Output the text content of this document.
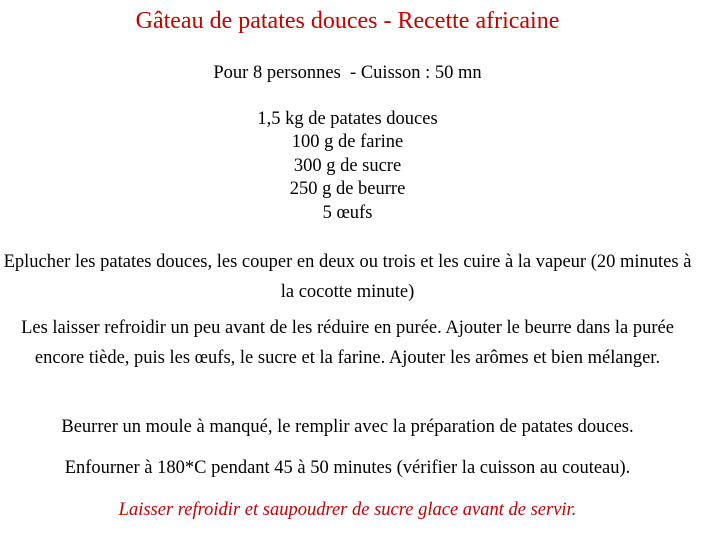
Gâteau de patates douces - Recette africaine
Pour 8 personnes  - Cuisson : 50 mn
1,5 kg de patates douces
100 g de farine
300 g de sucre
250 g de beurre
5 œufs

Eplucher les patates douces, les couper en deux ou trois et les cuire à la vapeur (20 minutes à la cocotte minute)

Les laisser refroidir un peu avant de les réduire en purée. Ajouter le beurre dans la purée encore tiède, puis les œufs, le sucre et la farine. Ajouter les arômes et bien mélanger.

Beurrer un moule à manqué, le remplir avec la préparation de patates douces.

Enfourner à 180*C pendant 45 à 50 minutes (vérifier la cuisson au couteau).

Laisser refroidir et saupoudrer de sucre glace avant de servir.
